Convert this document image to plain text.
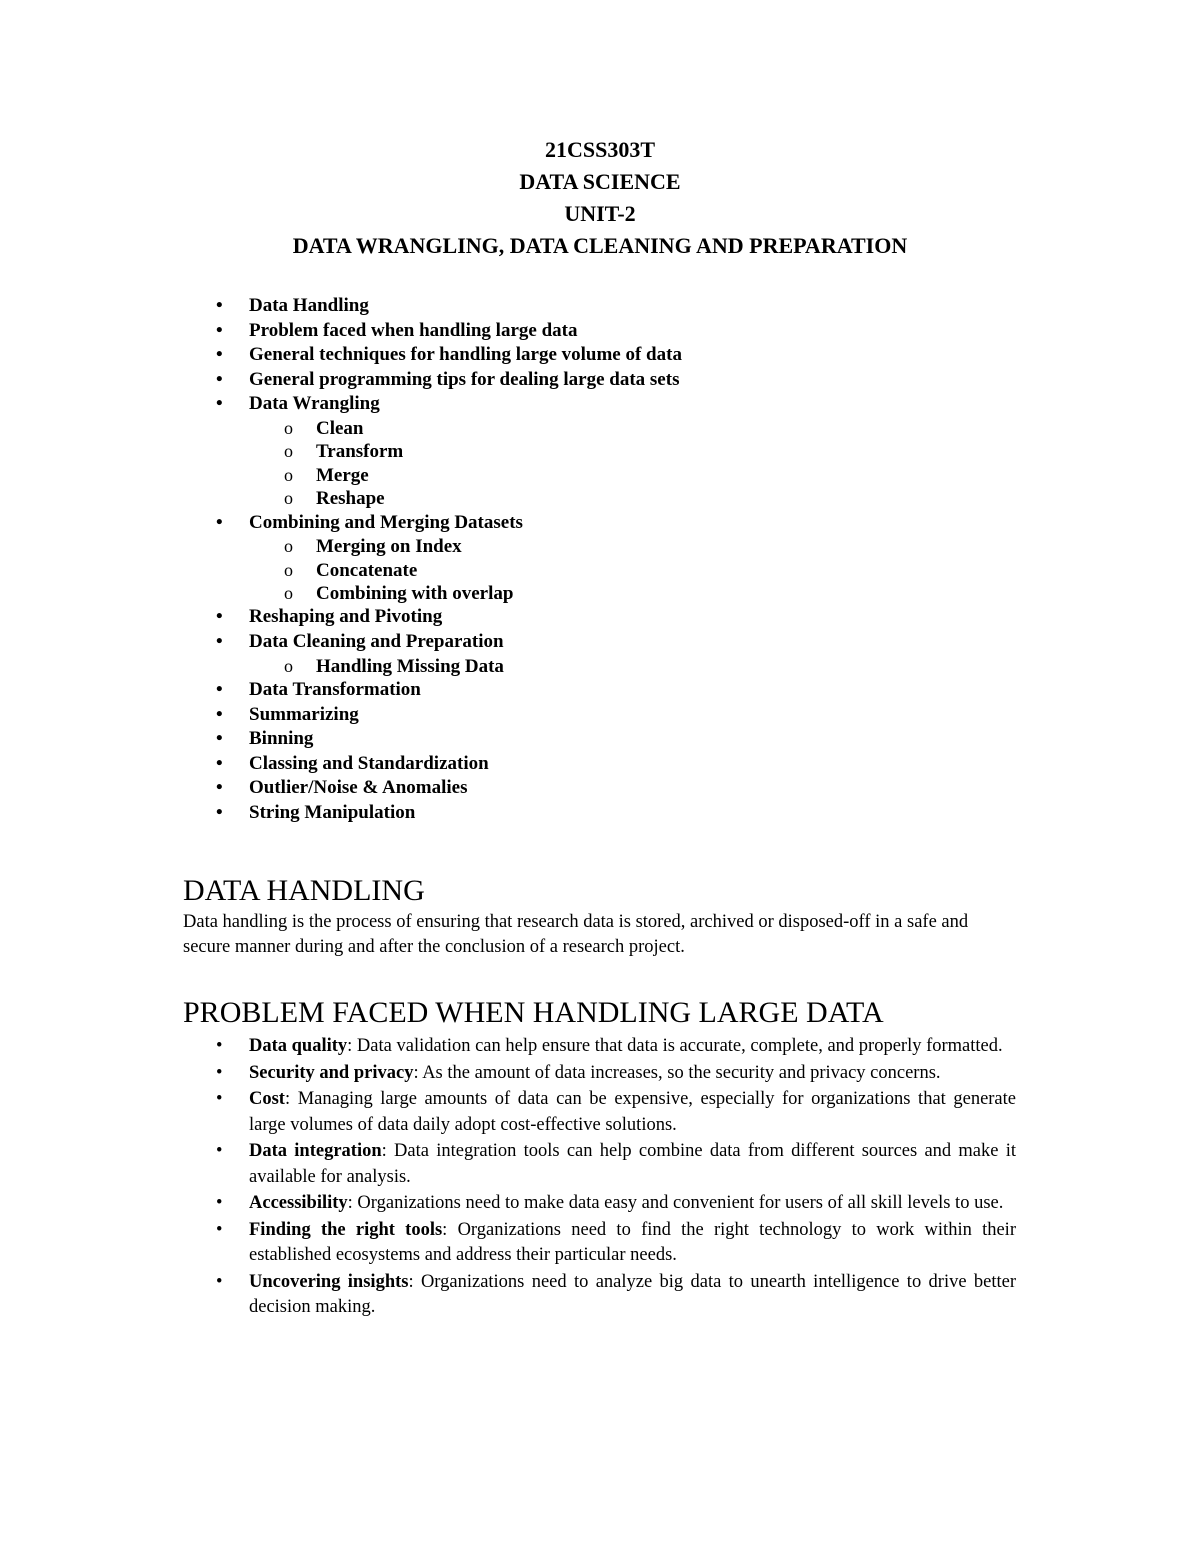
21CSS303T
DATA SCIENCE
UNIT-2
DATA WRANGLING, DATA CLEANING AND PREPARATION
• Data Handling
• Problem faced when handling large data
• General techniques for handling large volume of data
• General programming tips for dealing large data sets
• Data Wrangling
o Clean
o Transform
o Merge
o Reshape
• Combining and Merging Datasets
o Merging on Index
o Concatenate
o Combining with overlap
• Reshaping and Pivoting
• Data Cleaning and Preparation
o Handling Missing Data
• Data Transformation
• Summarizing
• Binning
• Classing and Standardization
• Outlier/Noise & Anomalies
• String Manipulation
DATA HANDLING

Data handling is the process of ensuring that research data is stored, archived or disposed-off in a safe and secure manner during and after the conclusion of a research project.

PROBLEM FACED WHEN HANDLING LARGE DATA
• Data quality: Data validation can help ensure that data is accurate, complete, and properly formatted.
• Security and privacy: As the amount of data increases, so the security and privacy concerns.
• Cost: Managing large amounts of data can be expensive, especially for organizations that generate large volumes of data daily adopt cost-effective solutions.
• Data integration: Data integration tools can help combine data from different sources and make it available for analysis.
• Accessibility: Organizations need to make data easy and convenient for users of all skill levels to use.
• Finding the right tools: Organizations need to find the right technology to work within their established ecosystems and address their particular needs.
• Uncovering insights: Organizations need to analyze big data to unearth intelligence to drive better decision making.
